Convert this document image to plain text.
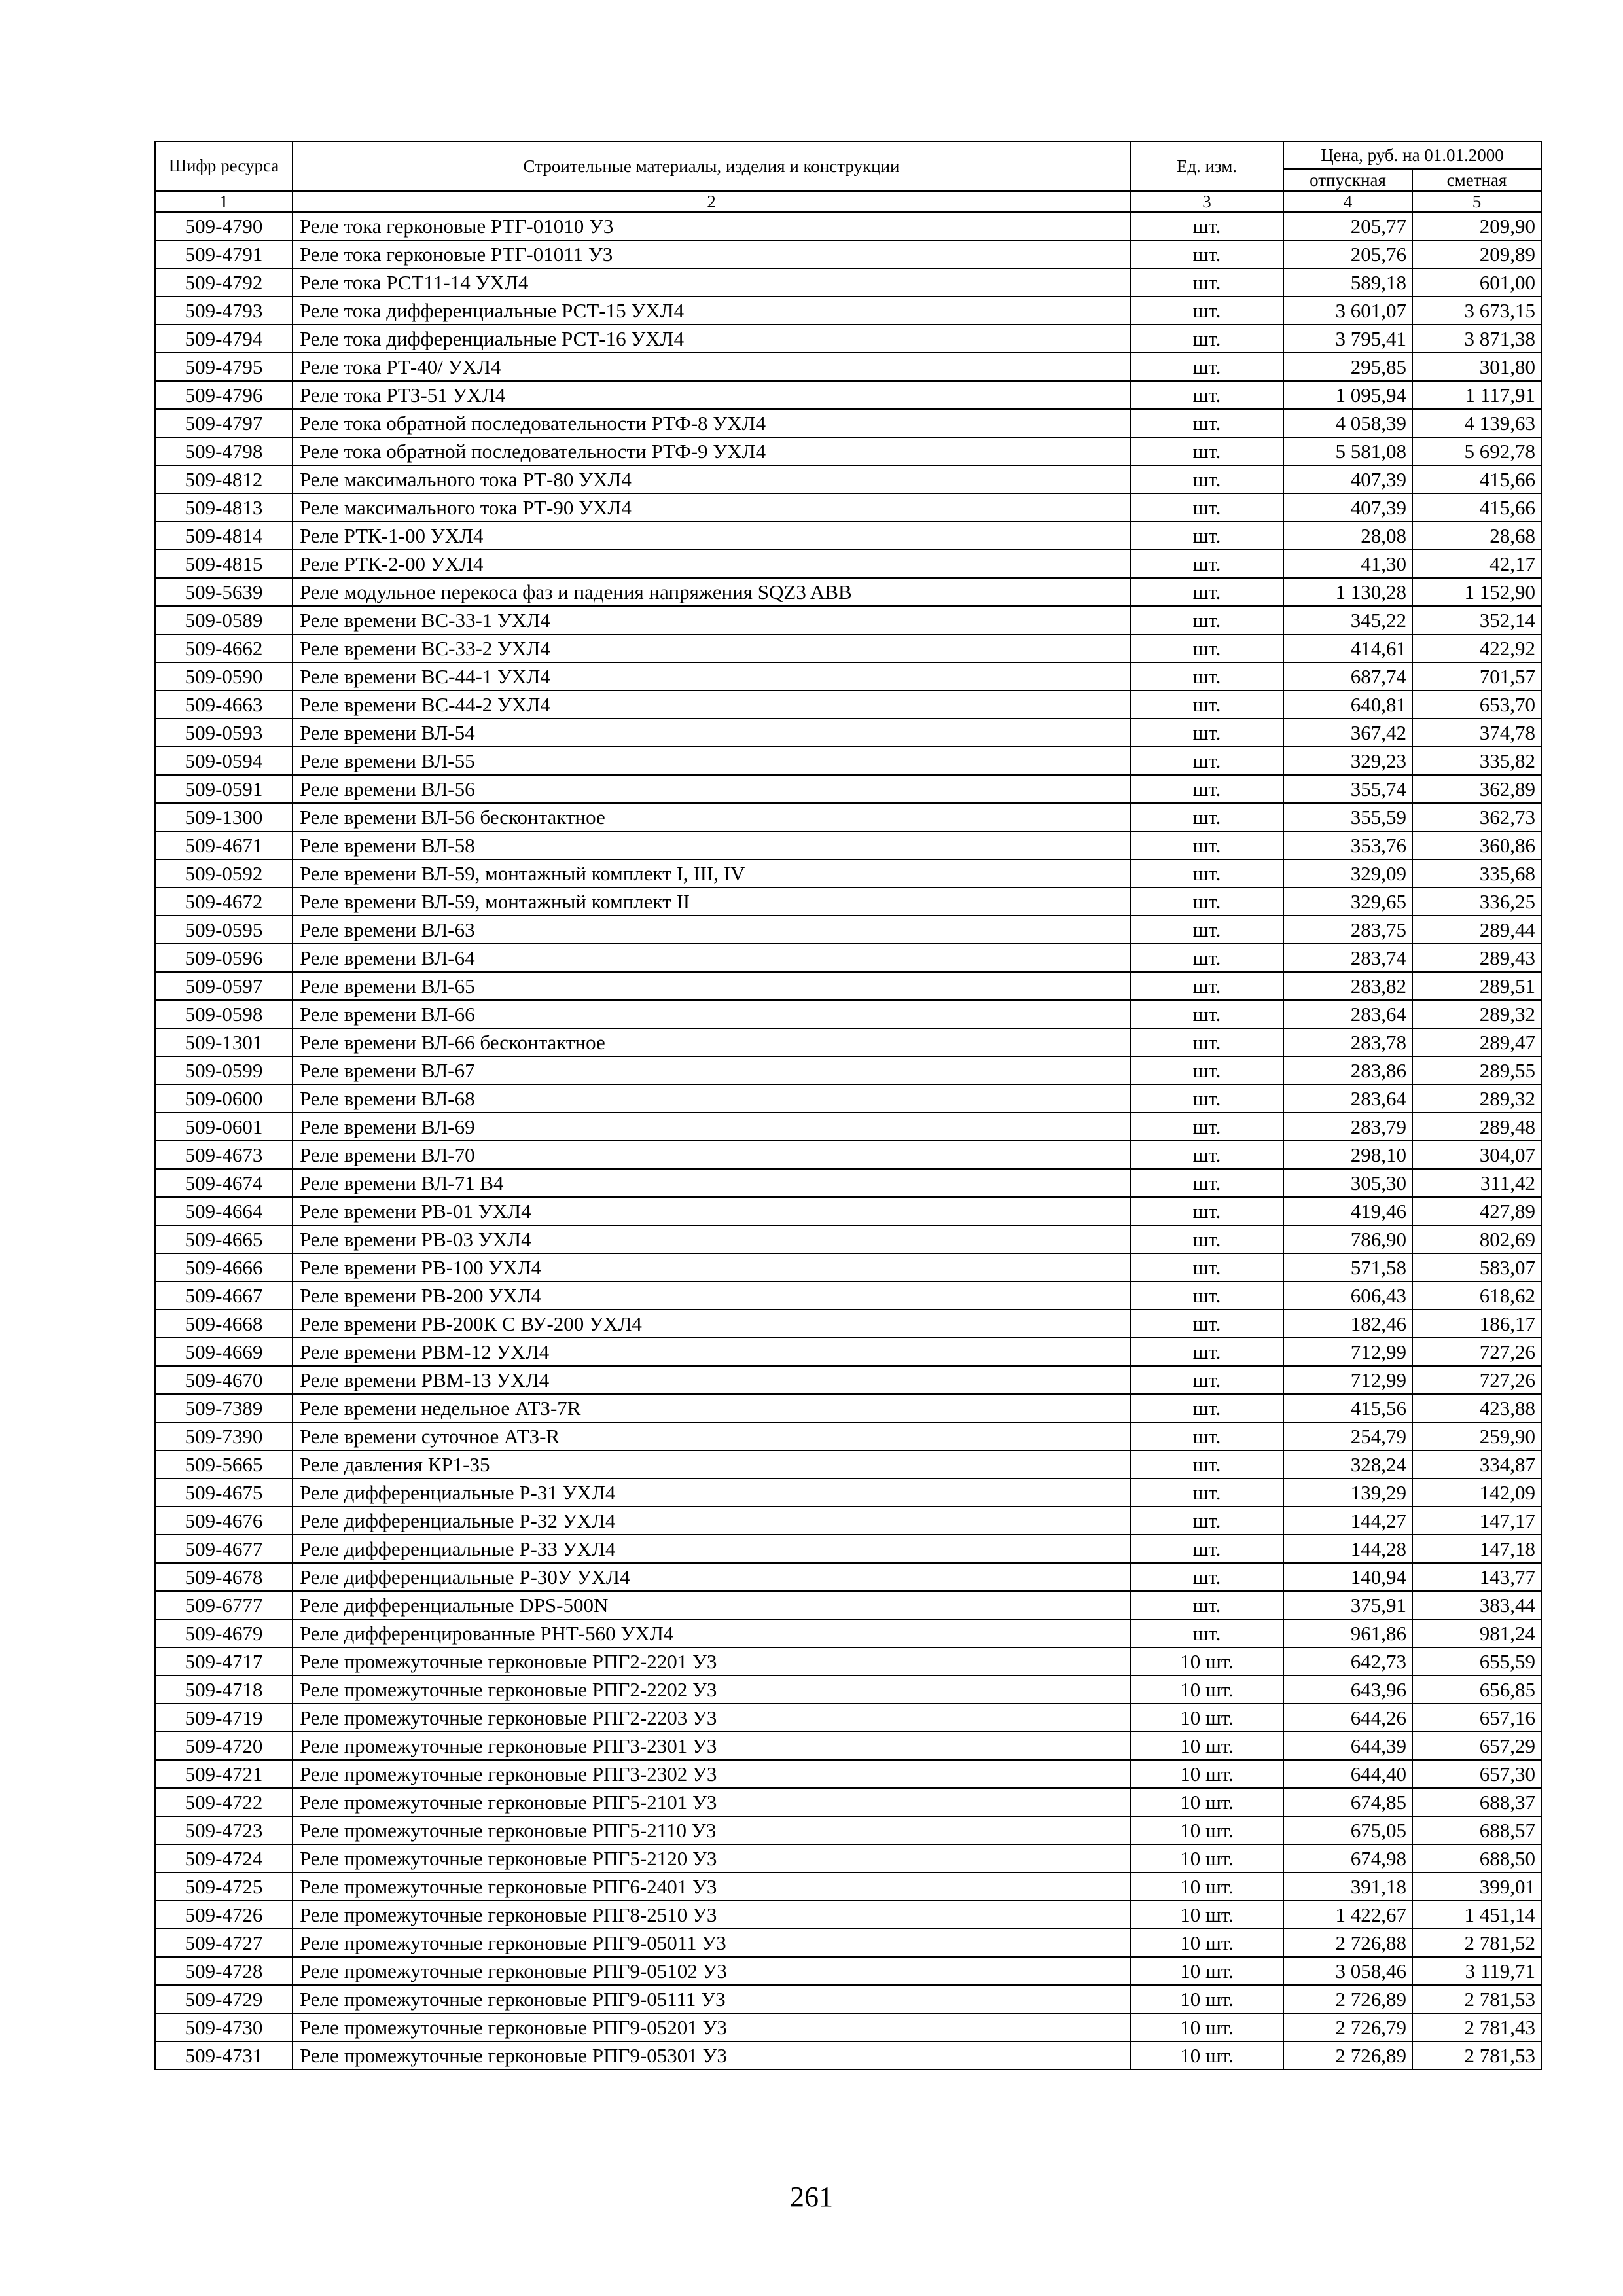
Шифр ресурса	Строительные материалы, изделия и конструкции	Ед. изм.	Цена, руб. на 01.01.2000	
			отпускная	сметная
1	2	3	4	5
509-4790	Реле тока герконовые РТГ-01010 У3	шт.	205,77	209,90
509-4791	Реле тока герконовые РТГ-01011 У3	шт.	205,76	209,89
509-4792	Реле тока РСТ11-14 УХЛ4	шт.	589,18	601,00
509-4793	Реле тока дифференциальные РСТ-15 УХЛ4	шт.	3 601,07	3 673,15
509-4794	Реле тока дифференциальные РСТ-16 УХЛ4	шт.	3 795,41	3 871,38
509-4795	Реле тока РТ-40/ УХЛ4	шт.	295,85	301,80
509-4796	Реле тока РТЗ-51 УХЛ4	шт.	1 095,94	1 117,91
509-4797	Реле тока обратной последовательности РТФ-8 УХЛ4	шт.	4 058,39	4 139,63
509-4798	Реле тока обратной последовательности РТФ-9 УХЛ4	шт.	5 581,08	5 692,78
509-4812	Реле максимального тока РТ-80 УХЛ4	шт.	407,39	415,66
509-4813	Реле максимального тока РТ-90 УХЛ4	шт.	407,39	415,66
509-4814	Реле РТК-1-00 УХЛ4	шт.	28,08	28,68
509-4815	Реле РТК-2-00 УХЛ4	шт.	41,30	42,17
509-5639	Реле модульное перекоса фаз и падения напряжения SQZ3 ABB	шт.	1 130,28	1 152,90
509-0589	Реле времени ВС-33-1 УХЛ4	шт.	345,22	352,14
509-4662	Реле времени ВС-33-2 УХЛ4	шт.	414,61	422,92
509-0590	Реле времени ВС-44-1 УХЛ4	шт.	687,74	701,57
509-4663	Реле времени ВС-44-2 УХЛ4	шт.	640,81	653,70
509-0593	Реле времени ВЛ-54	шт.	367,42	374,78
509-0594	Реле времени ВЛ-55	шт.	329,23	335,82
509-0591	Реле времени ВЛ-56	шт.	355,74	362,89
509-1300	Реле времени ВЛ-56 бесконтактное	шт.	355,59	362,73
509-4671	Реле времени ВЛ-58	шт.	353,76	360,86
509-0592	Реле времени ВЛ-59, монтажный комплект I, III, IV	шт.	329,09	335,68
509-4672	Реле времени ВЛ-59, монтажный комплект II	шт.	329,65	336,25
509-0595	Реле времени ВЛ-63	шт.	283,75	289,44
509-0596	Реле времени ВЛ-64	шт.	283,74	289,43
509-0597	Реле времени ВЛ-65	шт.	283,82	289,51
509-0598	Реле времени ВЛ-66	шт.	283,64	289,32
509-1301	Реле времени ВЛ-66 бесконтактное	шт.	283,78	289,47
509-0599	Реле времени ВЛ-67	шт.	283,86	289,55
509-0600	Реле времени ВЛ-68	шт.	283,64	289,32
509-0601	Реле времени ВЛ-69	шт.	283,79	289,48
509-4673	Реле времени ВЛ-70	шт.	298,10	304,07
509-4674	Реле времени ВЛ-71 В4	шт.	305,30	311,42
509-4664	Реле времени РВ-01 УХЛ4	шт.	419,46	427,89
509-4665	Реле времени РВ-03 УХЛ4	шт.	786,90	802,69
509-4666	Реле времени РВ-100 УХЛ4	шт.	571,58	583,07
509-4667	Реле времени РВ-200 УХЛ4	шт.	606,43	618,62
509-4668	Реле времени РВ-200К С ВУ-200 УХЛ4	шт.	182,46	186,17
509-4669	Реле времени РВМ-12 УХЛ4	шт.	712,99	727,26
509-4670	Реле времени РВМ-13 УХЛ4	шт.	712,99	727,26
509-7389	Реле времени недельное АТЗ-7R	шт.	415,56	423,88
509-7390	Реле времени суточное АТЗ-R	шт.	254,79	259,90
509-5665	Реле давления КР1-35	шт.	328,24	334,87
509-4675	Реле дифференциальные Р-31 УХЛ4	шт.	139,29	142,09
509-4676	Реле дифференциальные Р-32 УХЛ4	шт.	144,27	147,17
509-4677	Реле дифференциальные Р-33 УХЛ4	шт.	144,28	147,18
509-4678	Реле дифференциальные Р-30У УХЛ4	шт.	140,94	143,77
509-6777	Реле дифференциальные DPS-500N	шт.	375,91	383,44
509-4679	Реле дифференцированные РНТ-560 УХЛ4	шт.	961,86	981,24
509-4717	Реле промежуточные герконовые РПГ2-2201 У3	10 шт.	642,73	655,59
509-4718	Реле промежуточные герконовые РПГ2-2202 У3	10 шт.	643,96	656,85
509-4719	Реле промежуточные герконовые РПГ2-2203 У3	10 шт.	644,26	657,16
509-4720	Реле промежуточные герконовые РПГ3-2301 У3	10 шт.	644,39	657,29
509-4721	Реле промежуточные герконовые РПГ3-2302 У3	10 шт.	644,40	657,30
509-4722	Реле промежуточные герконовые РПГ5-2101 У3	10 шт.	674,85	688,37
509-4723	Реле промежуточные герконовые РПГ5-2110 У3	10 шт.	675,05	688,57
509-4724	Реле промежуточные герконовые РПГ5-2120 У3	10 шт.	674,98	688,50
509-4725	Реле промежуточные герконовые РПГ6-2401 У3	10 шт.	391,18	399,01
509-4726	Реле промежуточные герконовые РПГ8-2510 У3	10 шт.	1 422,67	1 451,14
509-4727	Реле промежуточные герконовые РПГ9-05011 У3	10 шт.	2 726,88	2 781,52
509-4728	Реле промежуточные герконовые РПГ9-05102 У3	10 шт.	3 058,46	3 119,71
509-4729	Реле промежуточные герконовые РПГ9-05111 У3	10 шт.	2 726,89	2 781,53
509-4730	Реле промежуточные герконовые РПГ9-05201 У3	10 шт.	2 726,79	2 781,43
509-4731	Реле промежуточные герконовые РПГ9-05301 У3	10 шт.	2 726,89	2 781,53
261
